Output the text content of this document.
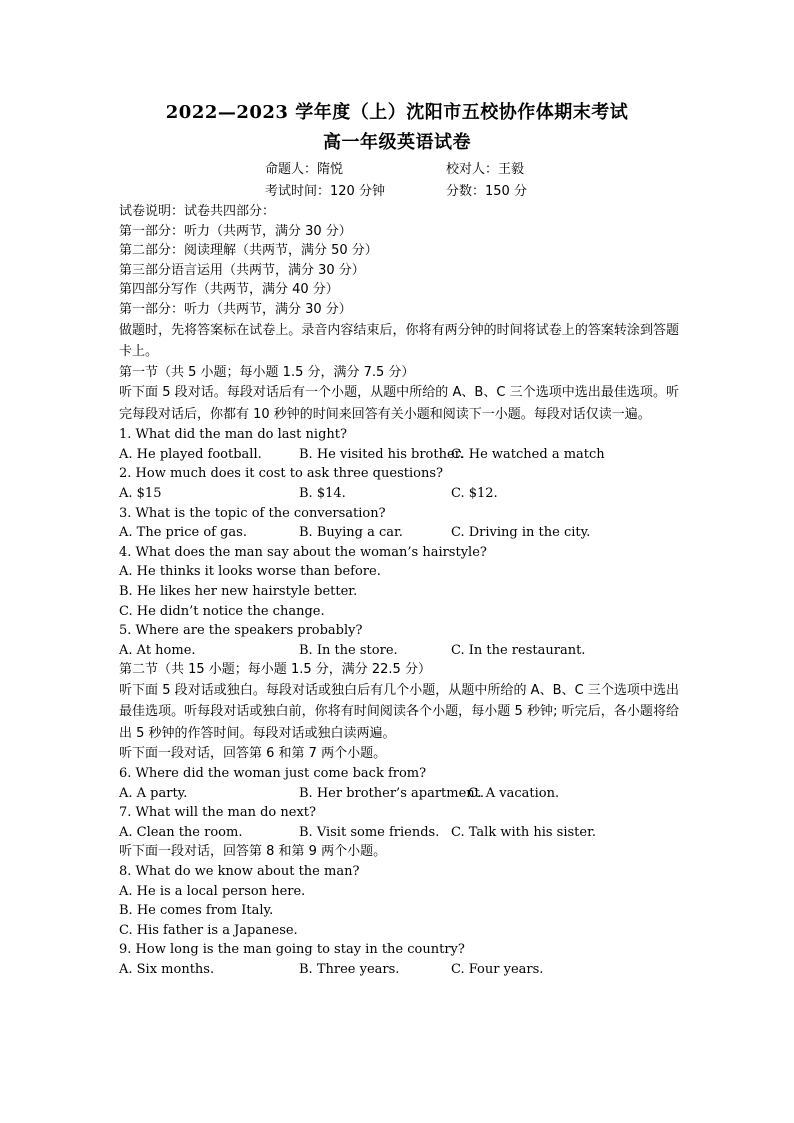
2022—2023 学年度（上）沈阳市五校协作体期末考试
高一年级英语试卷
命题人：隋悦	校对人：王毅
考试时间：120 分钟	分数：150 分
试卷说明：试卷共四部分：
第一部分：听力（共两节，满分 30 分）
第二部分：阅读理解（共两节，满分 50 分）
第三部分语言运用（共两节，满分 30 分）
第四部分写作（共两节，满分 40 分）
第一部分：听力（共两节，满分 30 分）
做题时，先将答案标在试卷上。录音内容结束后，你将有两分钟的时间将试卷上的答案转涂到答题卡上。
第一节（共 5 小题；每小题 1.5 分，满分 7.5 分）
听下面 5 段对话。每段对话后有一个小题，从题中所给的 A、B、C 三个选项中选出最佳选项。听完每段对话后，你都有 10 秒钟的时间来回答有关小题和阅读下一小题。每段对话仅读一遍。
1. What did the man do last night?
A. He played football.	B. He visited his brother.
C. He watched a match
2. How much does it cost to ask three questions?
A. $15	B. $14.	C. $12.
3. What is the topic of the conversation?
A. The price of gas.	B. Buying a car.	C. Driving in the city.
4. What does the man say about the woman’s hairstyle?
A. He thinks it looks worse than before.
B. He likes her new hairstyle better.
C. He didn’t notice the change.
5. Where are the speakers probably?
A. At home.	B. In the store.	C. In the restaurant.
第二节（共 15 小题；每小题 1.5 分，满分 22.5 分）
听下面 5 段对话或独白。每段对话或独白后有几个小题，从题中所给的 A、B、C 三个选项中选出最佳选项。听每段对话或独白前，你将有时间阅读各个小题，每小题 5 秒钟; 听完后，各小题将给出 5 秒钟的作答时间。每段对话或独白读两遍。
听下面一段对话，回答第 6 和第 7 两个小题。
6. Where did the woman just come back from?
A. A party.	B. Her brother’s apartment.
C. A vacation.
7. What will the man do next?
A. Clean the room.	B. Visit some friends. C. Talk with his sister.
听下面一段对话，回答第 8 和第 9 两个小题。
8. What do we know about the man?
A. He is a local person here.
B. He comes from Italy.
C. His father is a Japanese.
9. How long is the man going to stay in the country?
A. Six months.	B. Three years.	C. Four years.
